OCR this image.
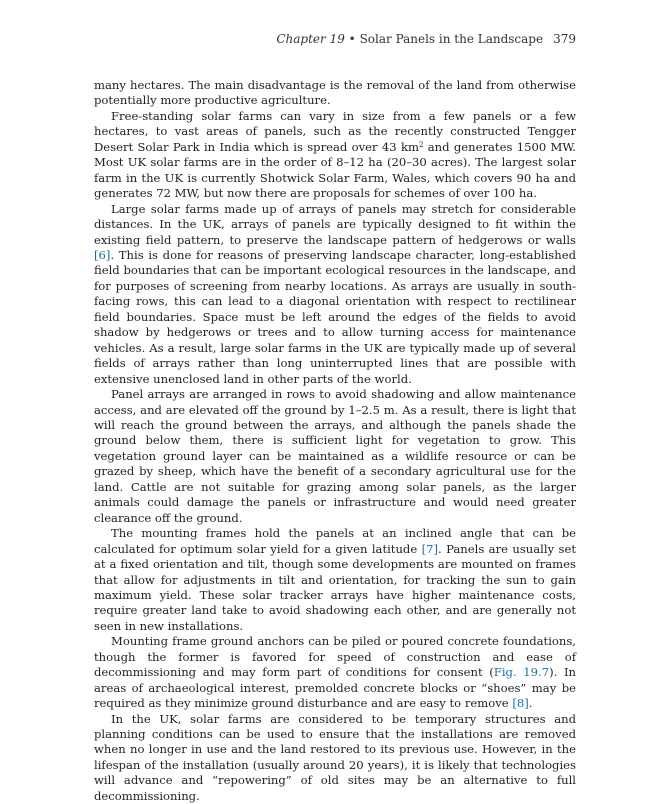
Chapter 19 • Solar Panels in the Landscape 379

many hectares. The main disadvantage is the removal of the land from otherwise potentially more productive agriculture.

Free-standing solar farms can vary in size from a few panels or a few hectares, to vast areas of panels, such as the recently constructed Tengger Desert Solar Park in India which is spread over 43 $km^2$ and generates 1500 MW. Most UK solar farms are in the order of 8–12 ha (20–30 acres). The largest solar farm in the UK is currently Shotwick Solar Farm, Wales, which covers 90 ha and generates 72 MW, but now there are proposals for schemes of over 100 ha.

Large solar farms made up of arrays of panels may stretch for considerable distances. In the UK, arrays of panels are typically designed to fit within the existing field pattern, to preserve the landscape pattern of hedgerows or walls [6]. This is done for reasons of preserving landscape character, long-established field boundaries that can be important ecological resources in the landscape, and for purposes of screening from nearby locations. As arrays are usually in south-facing rows, this can lead to a diagonal orientation with respect to rectilinear field boundaries. Space must be left around the edges of the fields to avoid shadow by hedgerows or trees and to allow turning access for maintenance vehicles. As a result, large solar farms in the UK are typically made up of several fields of arrays rather than long uninterrupted lines that are possible with extensive unenclosed land in other parts of the world.

Panel arrays are arranged in rows to avoid shadowing and allow maintenance access, and are elevated off the ground by 1–2.5 m. As a result, there is light that will reach the ground between the arrays, and although the panels shade the ground below them, there is sufficient light for vegetation to grow. This vegetation ground layer can be maintained as a wildlife resource or can be grazed by sheep, which have the benefit of a secondary agricultural use for the land. Cattle are not suitable for grazing among solar panels, as the larger animals could damage the panels or infrastructure and would need greater clearance off the ground.

The mounting frames hold the panels at an inclined angle that can be calculated for optimum solar yield for a given latitude [7]. Panels are usually set at a fixed orientation and tilt, though some developments are mounted on frames that allow for adjustments in tilt and orientation, for tracking the sun to gain maximum yield. These solar tracker arrays have higher maintenance costs, require greater land take to avoid shadowing each other, and are generally not seen in new installations.

Mounting frame ground anchors can be piled or poured concrete foundations, though the former is favored for speed of construction and ease of decommissioning and may form part of conditions for consent (Fig. 19.7). In areas of archaeological interest, premolded concrete blocks or “shoes” may be required as they minimize ground disturbance and are easy to remove [8].

In the UK, solar farms are considered to be temporary structures and planning conditions can be used to ensure that the installations are removed when no longer in use and the land restored to its previous use. However, in the lifespan of the installation (usually around 20 years), it is likely that technologies will advance and “repowering” of old sites may be an alternative to full decommissioning.
